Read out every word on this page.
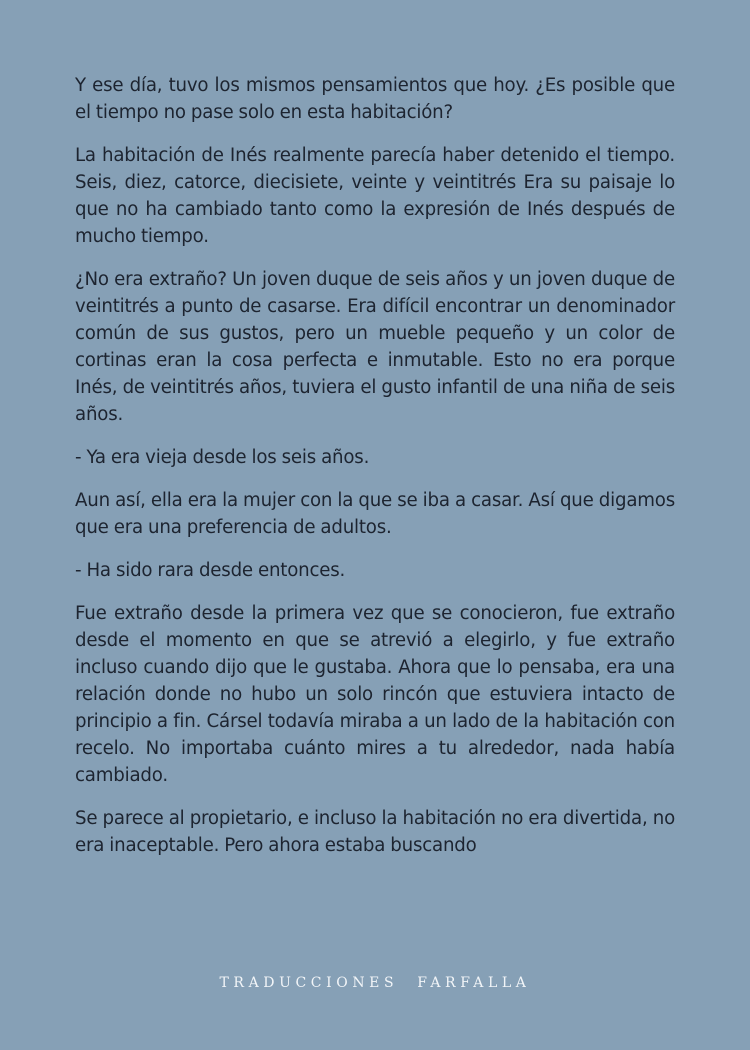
Y ese día, tuvo los mismos pensamientos que hoy. ¿Es posible que el tiempo no pase solo en esta habitación?

La habitación de Inés realmente parecía haber detenido el tiempo. Seis, diez, catorce, diecisiete, veinte y veintitrés Era su paisaje lo que no ha cambiado tanto como la expresión de Inés después de mucho tiempo.

¿No era extraño? Un joven duque de seis años y un joven duque de veintitrés a punto de casarse. Era difícil encontrar un denominador común de sus gustos, pero un mueble pequeño y un color de cortinas eran la cosa perfecta e inmutable. Esto no era porque Inés, de veintitrés años, tuviera el gusto infantil de una niña de seis años.

- Ya era vieja desde los seis años.

Aun así, ella era la mujer con la que se iba a casar. Así que digamos que era una preferencia de adultos.

- Ha sido rara desde entonces.

Fue extraño desde la primera vez que se conocieron, fue extraño desde el momento en que se atrevió a elegirlo, y fue extraño incluso cuando dijo que le gustaba. Ahora que lo pensaba, era una relación donde no hubo un solo rincón que estuviera intacto de principio a fin. Cársel todavía miraba a un lado de la habitación con recelo. No importaba cuánto mires a tu alrededor, nada había cambiado.

Se parece al propietario, e incluso la habitación no era divertida, no era inaceptable. Pero ahora estaba buscando

TRADUCCIONES FARFALLA
